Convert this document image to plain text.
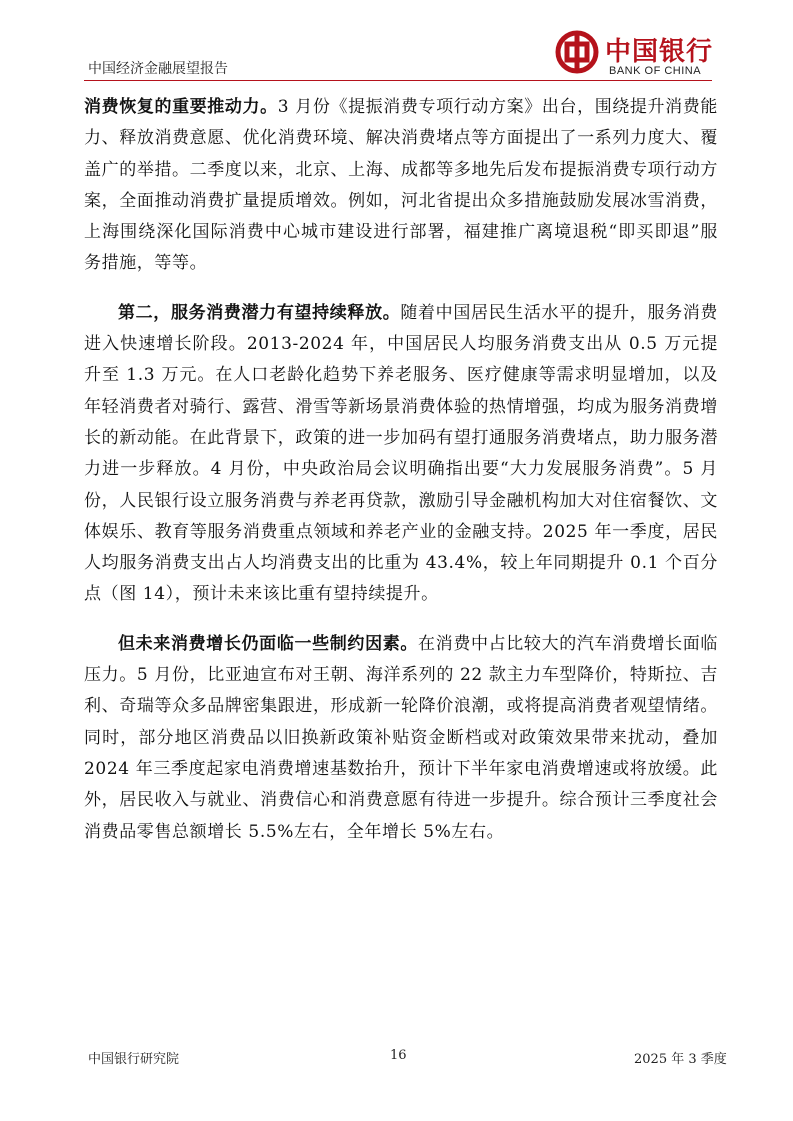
中国经济金融展望报告
中国银行
BANK OF CHINA

消费恢复的重要推动力。3 月份《提振消费专项行动方案》出台，围绕提升消费能力、释放消费意愿、优化消费环境、解决消费堵点等方面提出了一系列力度大、覆盖广的举措。二季度以来，北京、上海、成都等多地先后发布提振消费专项行动方案，全面推动消费扩量提质增效。例如，河北省提出众多措施鼓励发展冰雪消费，上海围绕深化国际消费中心城市建设进行部署，福建推广离境退税“即买即退”服务措施，等等。

第二，服务消费潜力有望持续释放。随着中国居民生活水平的提升，服务消费进入快速增长阶段。2013-2024 年，中国居民人均服务消费支出从 0.5 万元提升至 1.3 万元。在人口老龄化趋势下养老服务、医疗健康等需求明显增加，以及年轻消费者对骑行、露营、滑雪等新场景消费体验的热情增强，均成为服务消费增长的新动能。在此背景下，政策的进一步加码有望打通服务消费堵点，助力服务潜力进一步释放。4 月份，中央政治局会议明确指出要“大力发展服务消费”。5 月份，人民银行设立服务消费与养老再贷款，激励引导金融机构加大对住宿餐饮、文体娱乐、教育等服务消费重点领域和养老产业的金融支持。2025 年一季度，居民人均服务消费支出占人均消费支出的比重为 43.4%，较上年同期提升 0.1 个百分点（图 14），预计未来该比重有望持续提升。

但未来消费增长仍面临一些制约因素。在消费中占比较大的汽车消费增长面临压力。5 月份，比亚迪宣布对王朝、海洋系列的 22 款主力车型降价，特斯拉、吉利、奇瑞等众多品牌密集跟进，形成新一轮降价浪潮，或将提高消费者观望情绪。同时，部分地区消费品以旧换新政策补贴资金断档或对政策效果带来扰动，叠加 2024 年三季度起家电消费增速基数抬升，预计下半年家电消费增速或将放缓。此外，居民收入与就业、消费信心和消费意愿有待进一步提升。综合预计三季度社会消费品零售总额增长 5.5%左右，全年增长 5%左右。

中国银行研究院	16	2025 年 3 季度
